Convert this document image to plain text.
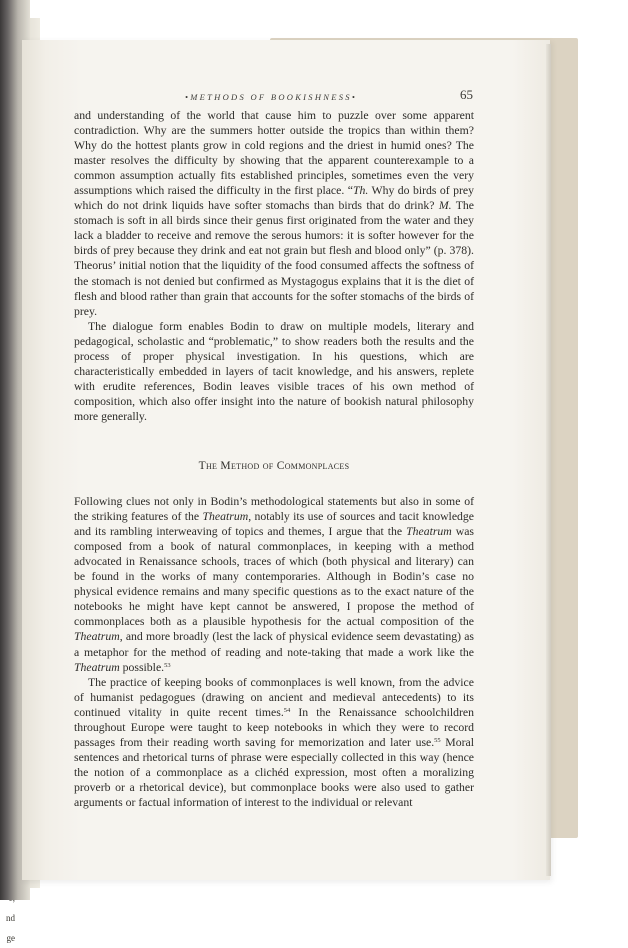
nd
ge
•METHODS OF BOOKISHNESS•	65

and understanding of the world that cause him to puzzle over some apparent contradiction. Why are the summers hotter outside the tropics than within them? Why do the hottest plants grow in cold regions and the driest in humid ones? The master resolves the difficulty by showing that the apparent counterexample to a common assumption actually fits established principles, sometimes even the very assumptions which raised the difficulty in the first place. “Th. Why do birds of prey which do not drink liquids have softer stomachs than birds that do drink? M. The stomach is soft in all birds since their genus first originated from the water and they lack a bladder to receive and remove the serous humors: it is softer however for the birds of prey because they drink and eat not grain but flesh and blood only” (p. 378). Theorus’ initial notion that the liquidity of the food consumed affects the softness of the stomach is not denied but confirmed as Mystagogus explains that it is the diet of flesh and blood rather than grain that accounts for the softer stomachs of the birds of prey.

The dialogue form enables Bodin to draw on multiple models, literary and pedagogical, scholastic and “problematic,” to show readers both the results and the process of proper physical investigation. In his questions, which are characteristically embedded in layers of tacit knowledge, and his answers, replete with erudite references, Bodin leaves visible traces of his own method of composition, which also offer insight into the nature of bookish natural philosophy more generally.

The Method of Commonplaces

Following clues not only in Bodin’s methodological statements but also in some of the striking features of the Theatrum, notably its use of sources and tacit knowledge and its rambling interweaving of topics and themes, I argue that the Theatrum was composed from a book of natural commonplaces, in keeping with a method advocated in Renaissance schools, traces of which (both physical and literary) can be found in the works of many contemporaries. Although in Bodin’s case no physical evidence remains and many specific questions as to the exact nature of the notebooks he might have kept cannot be answered, I propose the method of commonplaces both as a plausible hypothesis for the actual composition of the Theatrum, and more broadly (lest the lack of physical evidence seem devastating) as a metaphor for the method of reading and note-taking that made a work like the Theatrum possible.$^{53}$

The practice of keeping books of commonplaces is well known, from the advice of humanist pedagogues (drawing on ancient and medieval antecedents) to its continued vitality in quite recent times.$^{54}$ In the Renaissance schoolchildren throughout Europe were taught to keep notebooks in which they were to record passages from their reading worth saving for memorization and later use.$^{55}$ Moral sentences and rhetorical turns of phrase were especially collected in this way (hence the notion of a commonplace as a clichéd expression, most often a moralizing proverb or a rhetorical device), but commonplace books were also used to gather arguments or factual information of interest to the individual or relevant
